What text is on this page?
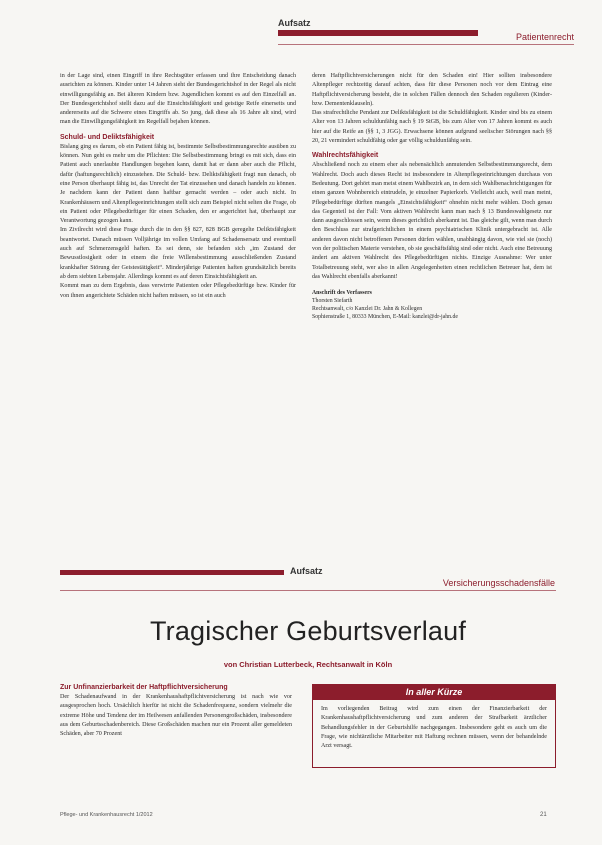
Aufsatz
Patientenrecht

in der Lage sind, einen Eingriff in ihre Rechtsgüter erfassen und ihre Entscheidung danach ausrichten zu können. Kinder unter 14 Jahren sieht der Bundesgerichtshof in der Regel als nicht einwilligungsfähig an. Bei älteren Kindern bzw. Jugendlichen kommt es auf den Einzelfall an. Der Bundesgerichtshof stellt dazu auf die Einsichtsfähigkeit und geistige Reife einerseits und andererseits auf die Schwere eines Eingriffs ab. So jung, daß diese als 16 Jahre alt sind, wird man die Einwilligungsfähigkeit im Regelfall bejahen können.

Schuld- und Deliktsfähigkeit

Bislang ging es darum, ob ein Patient fähig ist, bestimmte Selbstbestimmungsrechte ausüben zu können. Nun geht es mehr um die Pflichten: Die Selbstbestimmung bringt es mit sich, dass ein Patient auch unerlaubte Handlungen begehen kann, damit hat er dann aber auch die Pflicht, dafür (haftungsrechtlich) einzustehen. Die Schuld- bzw. Deliktsfähigkeit fragt nun danach, ob eine Person überhaupt fähig ist, das Unrecht der Tat einzusehen und danach handeln zu können. Je nachdem kann der Patient dann haftbar gemacht werden – oder auch nicht. In Krankenhäusern und Altenpflegeeinrichtungen stellt sich zum Beispiel nicht selten die Frage, ob ein Patient oder Pflegebedürftiger für einen Schaden, den er angerichtet hat, überhaupt zur Verantwortung gezogen kann.

Im Zivilrecht wird diese Frage durch die in den §§ 827, 828 BGB geregelte Deliktsfähigkeit beantwortet. Danach müssen Volljährige im vollen Umfang auf Schadensersatz und eventuell auch auf Schmerzensgeld haften. Es sei denn, sie befanden sich „im Zustand der Bewusstlosigkeit oder in einem die freie Willensbestimmung ausschließenden Zustand krankhafter Störung der Geistestätigkeit“. Minderjährige Patienten haften grundsätzlich bereits ab dem siebten Lebensjahr. Allerdings kommt es auf deren Einsichtsfähigkeit an.

Kommt man zu dem Ergebnis, dass verwirrte Patienten oder Pflegebedürftige bzw. Kinder für von ihnen angerichtete Schäden nicht haften müssen, so ist ein auch

deren Haftpflichtversicherungen nicht für den Schaden ein! Hier sollten insbesondere Altenpfleger rechtzeitig darauf achten, dass für diese Personen noch vor dem Eintrag eine Haftpflichtversicherung besteht, die in solchen Fällen dennoch den Schaden regulieren (Kinder- bzw. Dementenklauseln).

Das strafrechtliche Pendant zur Deliktsfähigkeit ist die Schuldfähigkeit. Kinder sind bis zu einem Alter von 13 Jahren schuldunfähig nach § 19 StGB, bis zum Alter von 17 Jahren kommt es auch hier auf die Reife an (§§ 1, 3 JGG). Erwachsene können aufgrund seelischer Störungen nach §§ 20, 21 vermindert schuldfähig oder gar völlig schuldunfähig sein.

Wahlrechtsfähigkeit

Abschließend noch zu einem eher als nebensächlich anmutenden Selbstbestimmungsrecht, dem Wahlrecht. Doch auch dieses Recht ist insbesondere in Altenpflegeeinrichtungen durchaus von Bedeutung. Dort gehört man meist einem Wahlbezirk an, in dem sich Wahlbenachrichtigungen für einen ganzen Wohnbereich eintrudeln, je einzelner Papierkorb. Vielleicht auch, weil man meint, Pflegebedürftige dürften mangels „Einsichtsfähigkeit“ ohnehin nicht mehr wählen. Doch genau das Gegenteil ist der Fall: Vom aktiven Wahlrecht kann man nach § 13 Bundeswahlgesetz nur dann ausgeschlossen sein, wenn dieses gerichtlich aberkannt ist. Das gleiche gilt, wenn man durch den Beschluss zur strafgerichtlichen in einem psychiatrischen Klinik untergebracht ist. Alle anderen davon nicht betroffenen Personen dürfen wählen, unabhängig davon, wie viel sie (noch) von der politischen Materie verstehen, ob sie geschäftsfähig sind oder nicht. Auch eine Betreuung ändert am aktiven Wahlrecht des Pflegebedürftigen nichts. Einzige Ausnahme: Wer unter Totalbetreuung steht, wer also in allen Angelegenheiten einen rechtlichen Betreuer hat, dem ist das Wahlrecht ebenfalls aberkannt!

Anschrift des Verfassers
Thorsten Siefarth
Rechtsanwalt, c/o Kanzlei Dr. Jahn & Kollegen
Sophienstraße 1, 80333 München, E-Mail: kanzlei@dr-jahn.de
Aufsatz
Versicherungsschadensfälle
Tragischer Geburtsverlauf
von Christian Lutterbeck, Rechtsanwalt in Köln
Zur Unfinanzierbarkeit der Haftpflichtversicherung

Der Schadenaufwand in der Krankenhaushaftpflichtversicherung ist nach wie vor ausgesprochen hoch. Ursächlich hierfür ist nicht die Schadenfrequenz, sondern vielmehr die extreme Höhe und Tendenz der im Heilwesen anfallenden Personengroßschäden, insbesondere aus dem Geburtsschadenbereich. Diese Großschäden machen nur ein Prozent aller gemeldeten Schäden, aber 70 Prozent

In aller Kürze
Im vorliegenden Beitrag wird zum einen der Finanzierbarkeit der Krankenhaushaftpflichtversicherung und zum anderen der Strafbarkeit ärztlicher Behandlungsfehler in der Geburtshilfe nachgegangen. Insbesondere geht es auch um die Frage, wie nichtärztliche Mitarbeiter mit Haftung rechnen müssen, wenn der behandelnde Arzt versagt.
Pflege- und Krankenhausrecht 1/2012	21
